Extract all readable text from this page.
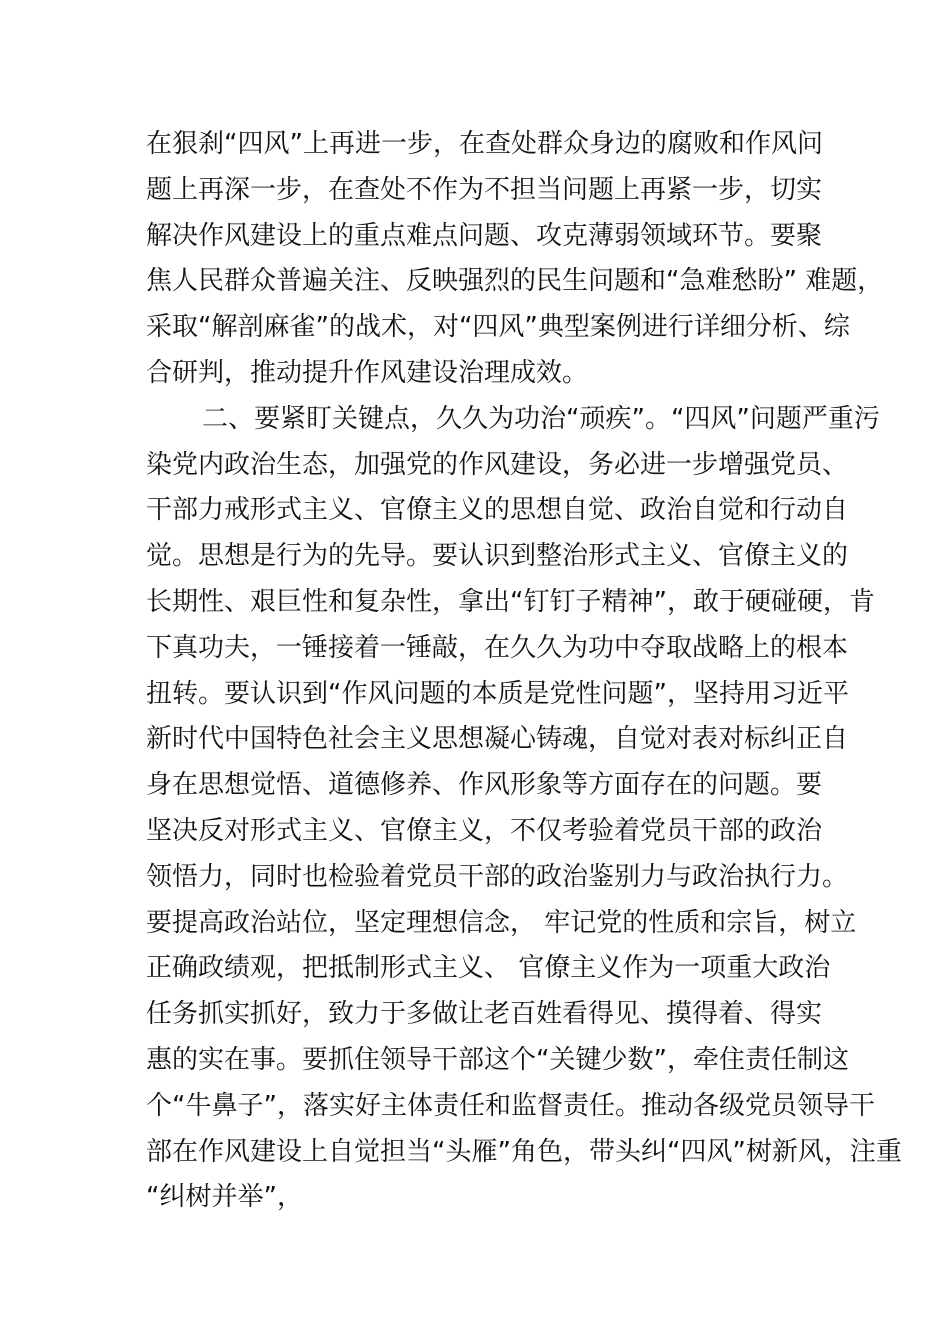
在狠刹“四风”上再进一步，在查处群众身边的腐败和作风问
题上再深一步，在查处不作为不担当问题上再紧一步，切实
解决作风建设上的重点难点问题、攻克薄弱领域环节。要聚
焦人民群众普遍关注、反映强烈的民生问题和“急难愁盼” 难题，
采取“解剖麻雀”的战术，对“四风”典型案例进行详细分析、综
合研判，推动提升作风建设治理成效。
二、要紧盯关键点，久久为功治“顽疾”。“四风”问题严重污
染党内政治生态，加强党的作风建设，务必进一步增强党员、
干部力戒形式主义、官僚主义的思想自觉、政治自觉和行动自
觉。思想是行为的先导。要认识到整治形式主义、官僚主义的
长期性、艰巨性和复杂性，拿出“钉钉子精神”，敢于硬碰硬，肯
下真功夫，一锤接着一锤敲，在久久为功中夺取战略上的根本
扭转。要认识到“作风问题的本质是党性问题”，坚持用习近平
新时代中国特色社会主义思想凝心铸魂，自觉对表对标纠正自
身在思想觉悟、道德修养、作风形象等方面存在的问题。要
坚决反对形式主义、官僚主义，不仅考验着党员干部的政治
领悟力，同时也检验着党员干部的政治鉴别力与政治执行力。
要提高政治站位，坚定理想信念， 牢记党的性质和宗旨，树立
正确政绩观，把抵制形式主义、 官僚主义作为一项重大政治
任务抓实抓好，致力于多做让老百姓看得见、摸得着、得实
惠的实在事。要抓住领导干部这个“关键少数”，牵住责任制这
个“牛鼻子”，落实好主体责任和监督责任。推动各级党员领导干
部在作风建设上自觉担当“头雁”角色，带头纠“四风”树新风，注重
“纠树并举”，
